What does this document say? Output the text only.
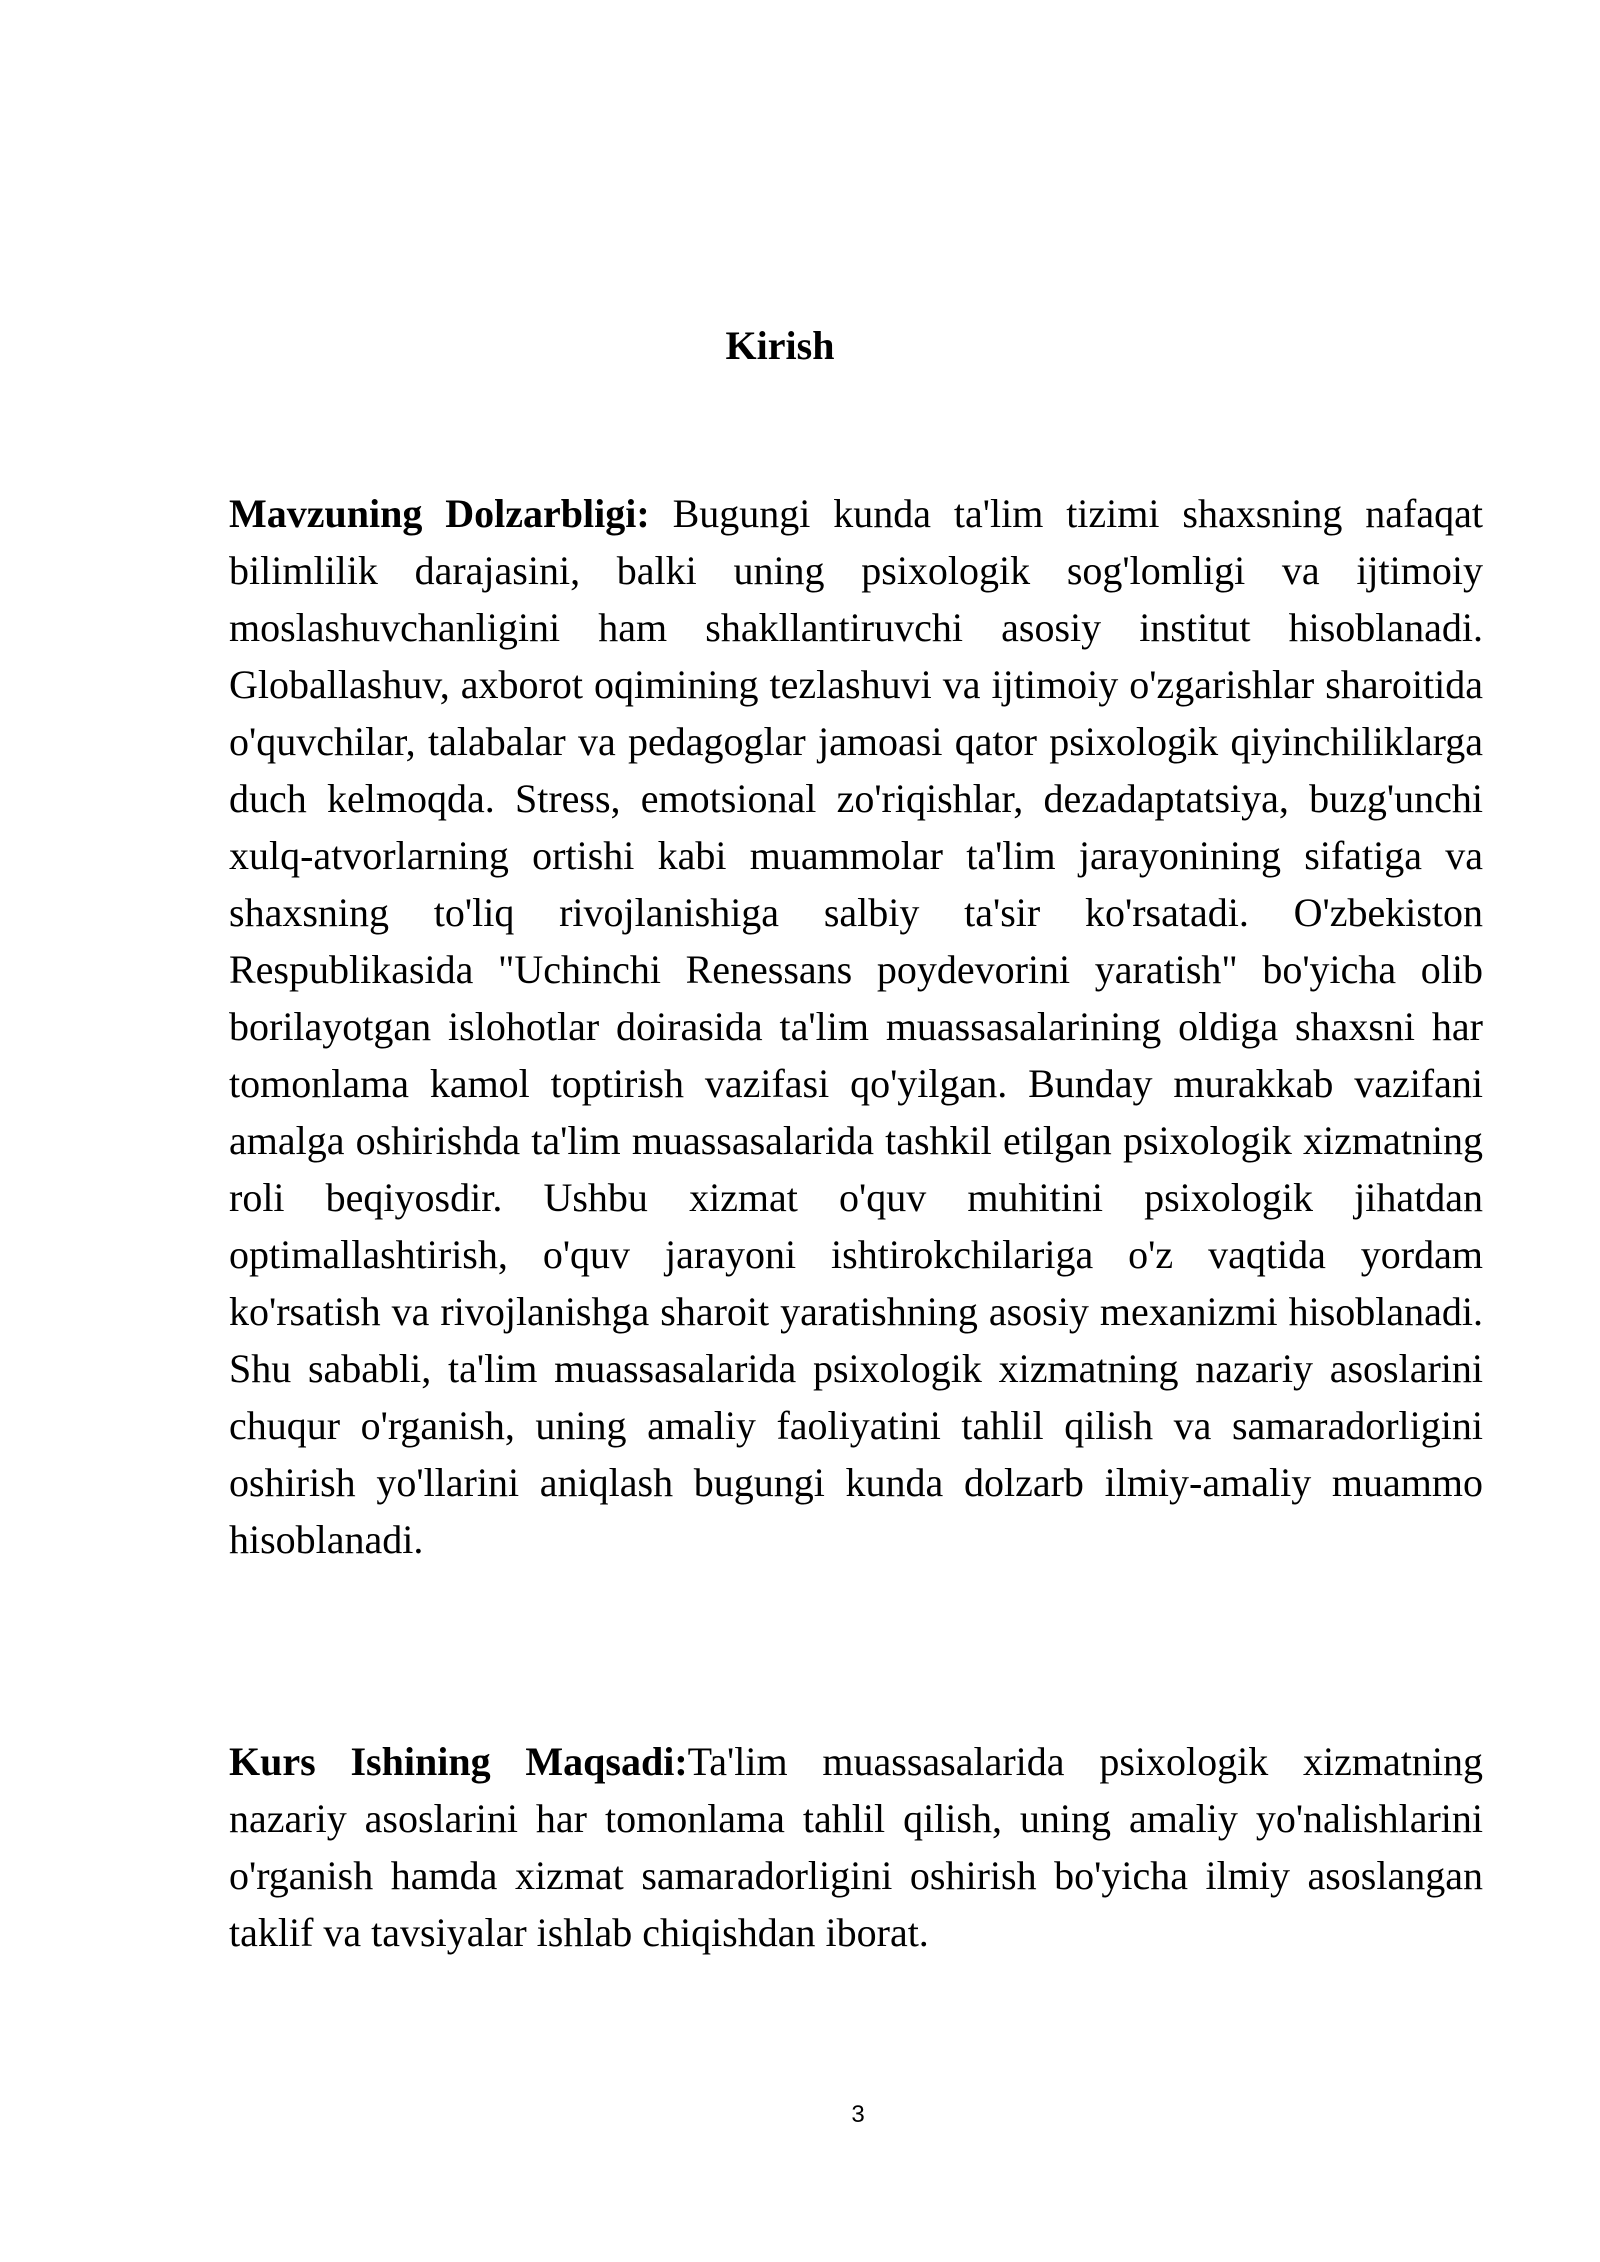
Kirish

Mavzuning Dolzarbligi: Bugungi kunda ta'lim tizimi shaxsning nafaqat bilimlilik darajasini, balki uning psixologik sog'lomligi va ijtimoiy moslashuvchanligini ham shakllantiruvchi asosiy institut hisoblanadi. Globallashuv, axborot oqimining tezlashuvi va ijtimoiy o'zgarishlar sharoitida o'quvchilar, talabalar va pedagoglar jamoasi qator psixologik qiyinchiliklarga duch kelmoqda. Stress, emotsional zo'riqishlar, dezadaptatsiya, buzg'unchi xulq-atvorlarning ortishi kabi muammolar ta'lim jarayonining sifatiga va shaxsning to'liq rivojlanishiga salbiy ta'sir ko'rsatadi. O'zbekiston Respublikasida "Uchinchi Renessans poydevorini yaratish" bo'yicha olib borilayotgan islohotlar doirasida ta'lim muassasalarining oldiga shaxsni har tomonlama kamol toptirish vazifasi qo'yilgan. Bunday murakkab vazifani amalga oshirishda ta'lim muassasalarida tashkil etilgan psixologik xizmatning roli beqiyosdir. Ushbu xizmat o'quv muhitini psixologik jihatdan optimallashtirish, o'quv jarayoni ishtirokchilariga o'z vaqtida yordam ko'rsatish va rivojlanishga sharoit yaratishning asosiy mexanizmi hisoblanadi. Shu sababli, ta'lim muassasalarida psixologik xizmatning nazariy asoslarini chuqur o'rganish, uning amaliy faoliyatini tahlil qilish va samaradorligini oshirish yo'llarini aniqlash bugungi kunda dolzarb ilmiy-amaliy muammo hisoblanadi.

Kurs Ishining Maqsadi:Ta'lim muassasalarida psixologik xizmatning nazariy asoslarini har tomonlama tahlil qilish, uning amaliy yo'nalishlarini o'rganish hamda xizmat samaradorligini oshirish bo'yicha ilmiy asoslangan taklif va tavsiyalar ishlab chiqishdan iborat.

3
